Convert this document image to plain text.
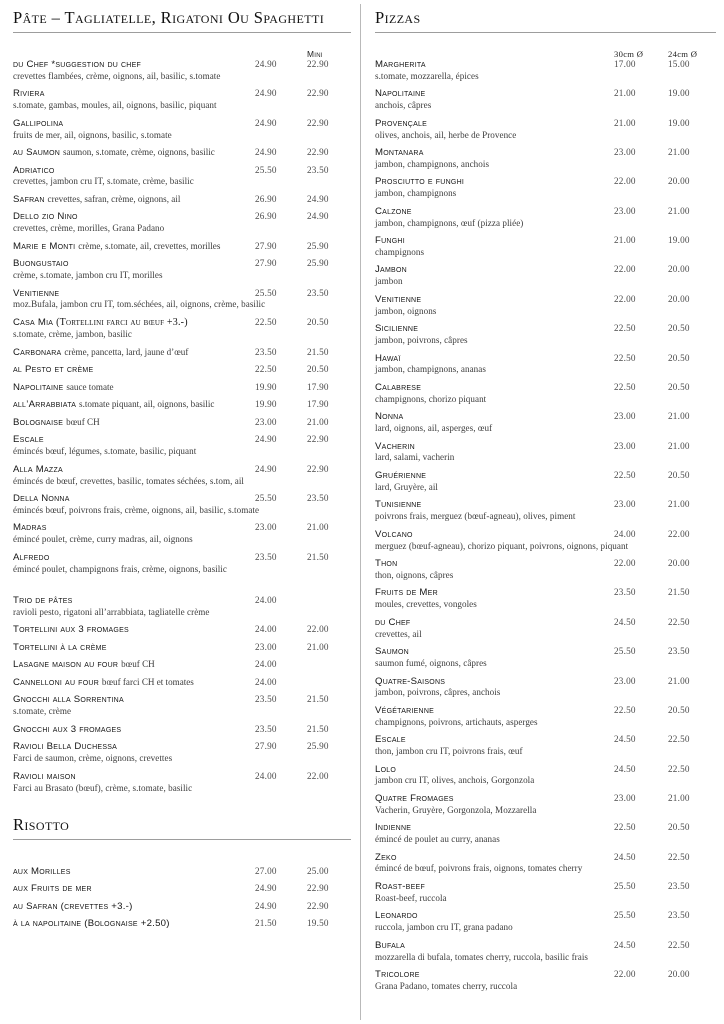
Pâte – Tagliatelle, Rigatoni Ou Spaghetti
Mini
du Chef *suggestion du chef	24.90	22.90
crevettes flambées, crème, oignons, ail, basilic, s.tomate
Riviera	24.90	22.90
s.tomate, gambas, moules, ail, oignons, basilic, piquant
Gallipolina	24.90	22.90
fruits de mer, ail, oignons, basilic, s.tomate
au Saumon saumon, s.tomate, crème, oignons, basilic	24.90	22.90
Adriatico	25.50	23.50
crevettes, jambon cru IT, s.tomate, crème, basilic
Safran crevettes, safran, crème, oignons, ail	26.90	24.90
Dello zio Nino	26.90	24.90
crevettes, crème, morilles, Grana Padano
Marie e Monti crème, s.tomate, ail, crevettes, morilles	27.90	25.90
Buongustaio	27.90	25.90
crème, s.tomate, jambon cru IT, morilles
Venitienne	25.50	23.50
moz.Bufala, jambon cru IT, tom.séchées, ail, oignons, crème, basilic
Casa Mia (Tortellini farci au bœuf +3.-)	22.50	20.50
s.tomate, crème, jambon, basilic
Carbonara crème, pancetta, lard, jaune d’œuf	23.50	21.50
al Pesto et crème	22.50	20.50
Napolitaine sauce tomate	19.90	17.90
all’Arrabbiata s.tomate piquant, ail, oignons, basilic	19.90	17.90
Bolognaise bœuf CH	23.00	21.00
Escale	24.90	22.90
émincés bœuf, légumes, s.tomate, basilic, piquant
Alla Mazza	24.90	22.90
émincés de bœuf, crevettes, basilic, tomates séchées, s.tom, ail
Della Nonna	25.50	23.50
émincés bœuf, poivrons frais, crème, oignons, ail, basilic, s.tomate
Madras	23.00	21.00
émincé poulet, crème, curry madras, ail, oignons
Alfredo	23.50	21.50
émincé poulet, champignons frais, crème, oignons, basilic
Trio de pâtes	24.00
ravioli pesto, rigatoni all’arrabbiata, tagliatelle crème
Tortellini aux 3 fromages	24.00	22.00
Tortellini à la crème	23.00	21.00
Lasagne maison au four bœuf CH	24.00
Cannelloni au four bœuf farci CH et tomates	24.00
Gnocchi alla Sorrentina	23.50	21.50
s.tomate, crème
Gnocchi aux 3 fromages	23.50	21.50
Ravioli Bella Duchessa	27.90	25.90
Farci de saumon, crème, oignons, crevettes
Ravioli maison	24.00	22.00
Farci au Brasato (bœuf), crème, s.tomate, basilic
Risotto
aux Morilles	27.00	25.00
aux Fruits de mer	24.90	22.90
au Safran (crevettes +3.-)	24.90	22.90
à la napolitaine (Bolognaise +2.50)	21.50	19.50
Pizzas
30cm Ø	24cm Ø
Margherita	17.00	15.00
s.tomate, mozzarella, épices
Napolitaine	21.00	19.00
anchois, câpres
Provençale	21.00	19.00
olives, anchois, ail, herbe de Provence
Montanara	23.00	21.00
jambon, champignons, anchois
Prosciutto e funghi	22.00	20.00
jambon, champignons
Calzone	23.00	21.00
jambon, champignons, œuf (pizza pliée)
Funghi	21.00	19.00
champignons
Jambon	22.00	20.00
jambon
Venitienne	22.00	20.00
jambon, oignons
Sicilienne	22.50	20.50
jambon, poivrons, câpres
Hawaï	22.50	20.50
jambon, champignons, ananas
Calabrese	22.50	20.50
champignons, chorizo piquant
Nonna	23.00	21.00
lard, oignons, ail, asperges, œuf
Vacherin	23.00	21.00
lard, salami, vacherin
Gruérienne	22.50	20.50
lard, Gruyère, ail
Tunisienne	23.00	21.00
poivrons frais, merguez (bœuf-agneau), olives, piment
Volcano	24.00	22.00
merguez (bœuf-agneau), chorizo piquant, poivrons, oignons, piquant
Thon	22.00	20.00
thon, oignons, câpres
Fruits de Mer	23.50	21.50
moules, crevettes, vongoles
du Chef	24.50	22.50
crevettes, ail
Saumon	25.50	23.50
saumon fumé, oignons, câpres
Quatre-Saisons	23.00	21.00
jambon, poivrons, câpres, anchois
Végétarienne	22.50	20.50
champignons, poivrons, artichauts, asperges
Escale	24.50	22.50
thon, jambon cru IT, poivrons frais, œuf
Lolo	24.50	22.50
jambon cru IT, olives, anchois, Gorgonzola
Quatre Fromages	23.00	21.00
Vacherin, Gruyère, Gorgonzola, Mozzarella
Indienne	22.50	20.50
émincé de poulet au curry, ananas
Zeko	24.50	22.50
émincé de bœuf, poivrons frais, oignons, tomates cherry
Roast-beef	25.50	23.50
Roast-beef, ruccola
Leonardo	25.50	23.50
ruccola, jambon cru IT, grana padano
Bufala	24.50	22.50
mozzarella di bufala, tomates cherry, ruccola, basilic frais
Tricolore	22.00	20.00
Grana Padano, tomates cherry, ruccola
